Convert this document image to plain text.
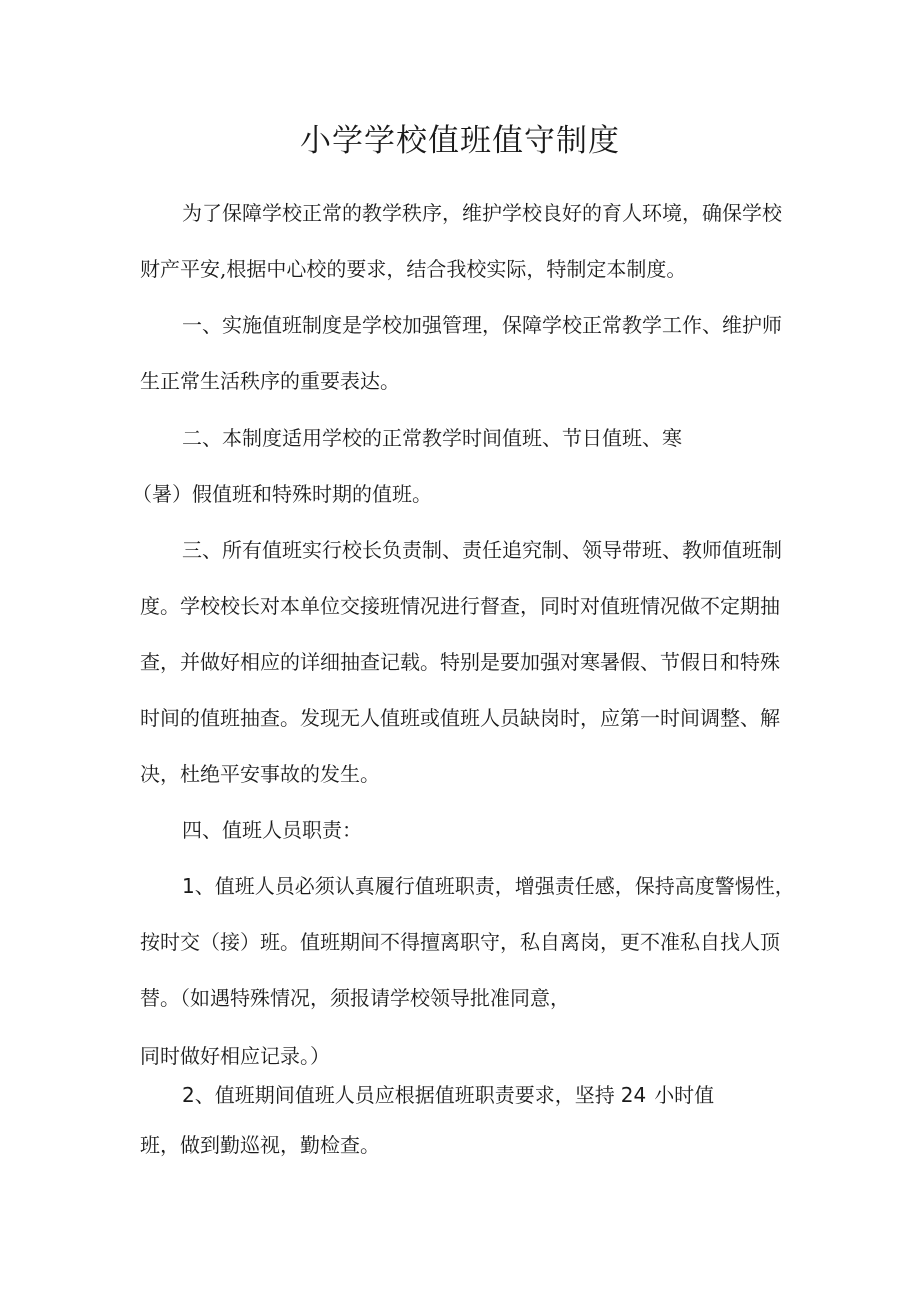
小学学校值班值守制度
为了保障学校正常的教学秩序，维护学校良好的育人环境，确保学校
财产平安,根据中心校的要求，结合我校实际，特制定本制度。
一、实施值班制度是学校加强管理，保障学校正常教学工作、维护师
生正常生活秩序的重要表达。
二、本制度适用学校的正常教学时间值班、节日值班、寒
（暑）假值班和特殊时期的值班。
三、所有值班实行校长负责制、责任追究制、领导带班、教师值班制
度。学校校长对本单位交接班情况进行督查，同时对值班情况做不定期抽
查，并做好相应的详细抽查记载。特别是要加强对寒暑假、节假日和特殊
时间的值班抽查。发现无人值班或值班人员缺岗时，应第一时间调整、解
决，杜绝平安事故的发生。
四、值班人员职责：
1、值班人员必须认真履行值班职责，增强责任感，保持高度警惕性，
按时交（接）班。值班期间不得擅离职守，私自离岗，更不准私自找人顶
替。（如遇特殊情况，须报请学校领导批准同意，
同时做好相应记录。）
2、值班期间值班人员应根据值班职责要求，坚持 24 小时值
班，做到勤巡视，勤检查。
